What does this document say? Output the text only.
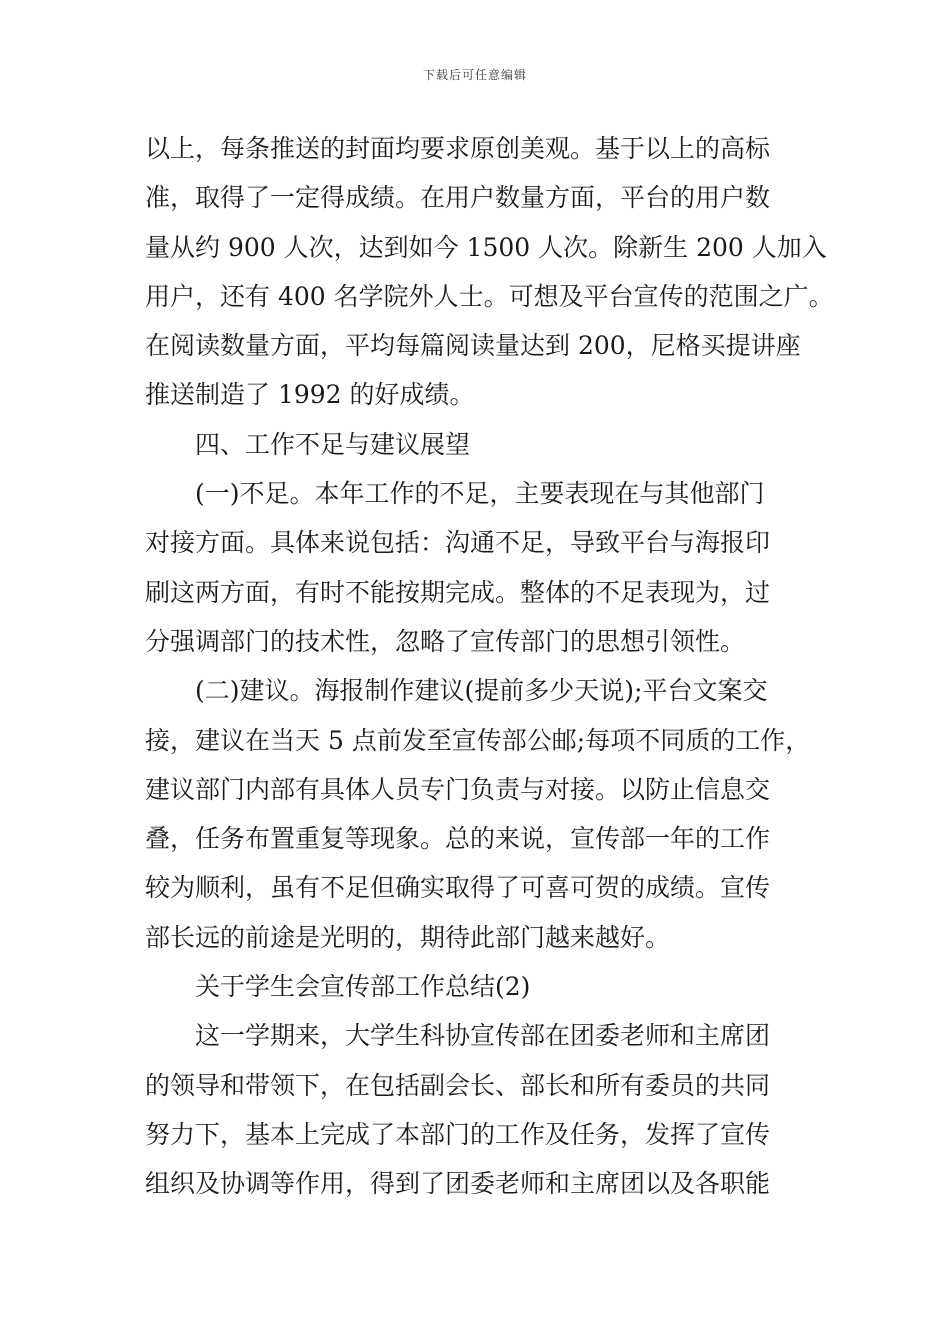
下载后可任意编辑
以上，每条推送的封面均要求原创美观。基于以上的高标
准，取得了一定得成绩。在用户数量方面，平台的用户数
量从约 900 人次，达到如今 1500 人次。除新生 200 人加入
用户，还有 400 名学院外人士。可想及平台宣传的范围之广。
在阅读数量方面，平均每篇阅读量达到 200，尼格买提讲座
推送制造了 1992 的好成绩。
四、工作不足与建议展望
(一)不足。本年工作的不足，主要表现在与其他部门
对接方面。具体来说包括：沟通不足，导致平台与海报印
刷这两方面，有时不能按期完成。整体的不足表现为，过
分强调部门的技术性，忽略了宣传部门的思想引领性。
(二)建议。海报制作建议(提前多少天说);平台文案交
接，建议在当天 5 点前发至宣传部公邮;每项不同质的工作，
建议部门内部有具体人员专门负责与对接。以防止信息交
叠，任务布置重复等现象。总的来说，宣传部一年的工作
较为顺利，虽有不足但确实取得了可喜可贺的成绩。宣传
部长远的前途是光明的，期待此部门越来越好。
关于学生会宣传部工作总结(2)
这一学期来，大学生科协宣传部在团委老师和主席团
的领导和带领下，在包括副会长、部长和所有委员的共同
努力下，基本上完成了本部门的工作及任务，发挥了宣传
组织及协调等作用，得到了团委老师和主席团以及各职能
